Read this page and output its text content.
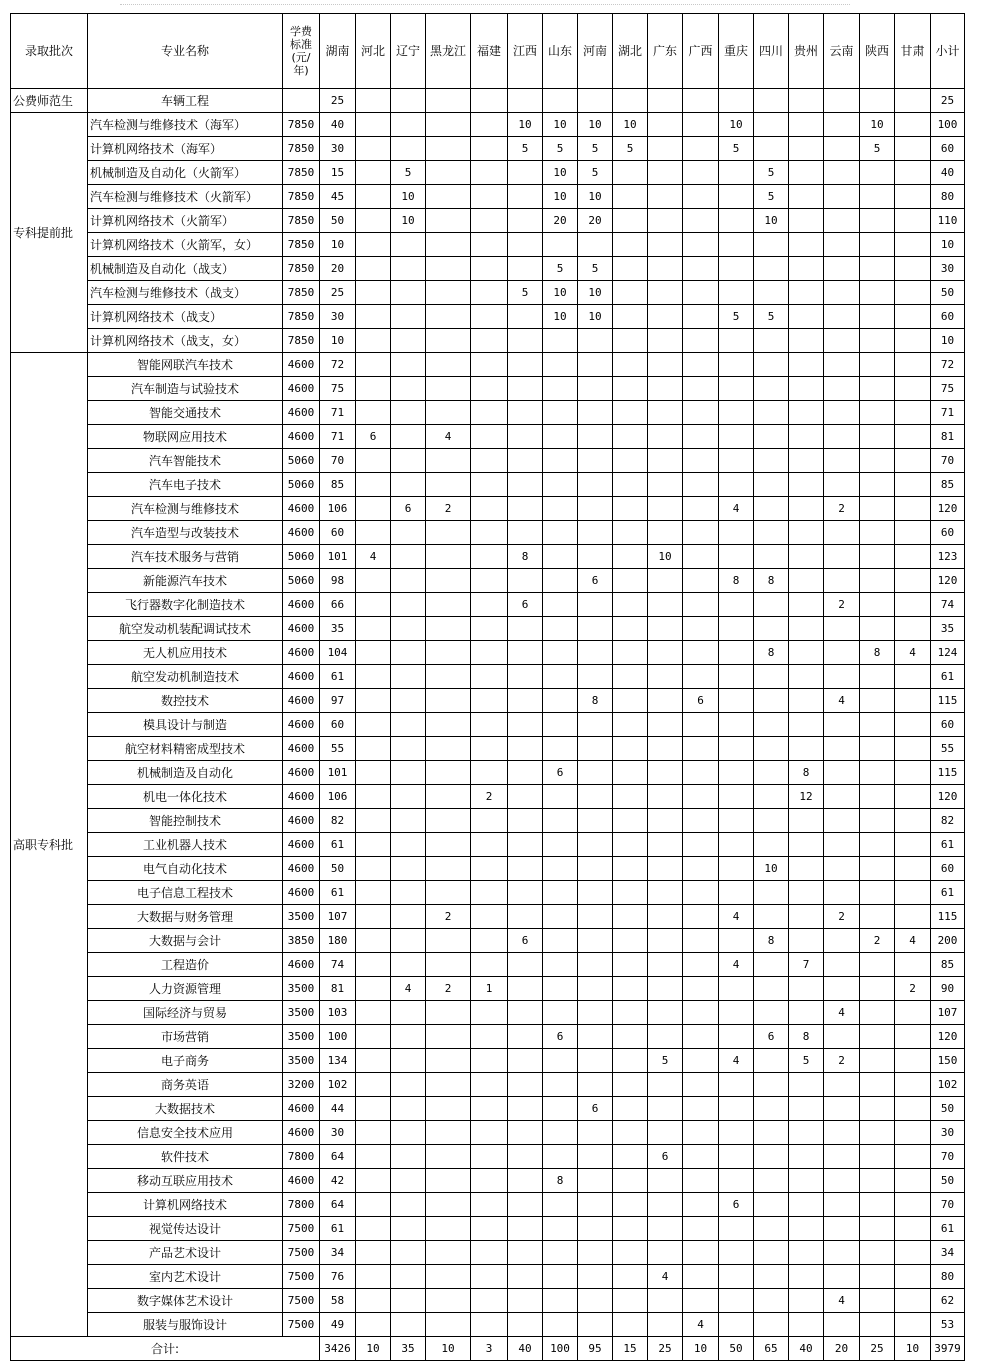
录取批次	专业名称	学费
标准
(元/
年)	湖南	河北	辽宁	黑龙江	福建	江西	山东	河南	湖北	广东	广西	重庆	四川	贵州	云南	陕西	甘肃	小计
公费师范生	车辆工程		25																	25
专科提前批	汽车检测与维修技术（海军）	7850	40					10	10	10	10			10				10		100
	计算机网络技术（海军）	7850	30					5	5	5	5			5				5		60
	机械制造及自动化（火箭军）	7850	15		5				10	5					5					40
	汽车检测与维修技术（火箭军）	7850	45		10				10	10					5					80
	计算机网络技术（火箭军）	7850	50		10				20	20					10					110
	计算机网络技术（火箭军，女）	7850	10																	10
	机械制造及自动化（战支）	7850	20						5	5										30
	汽车检测与维修技术（战支）	7850	25					5	10	10										50
	计算机网络技术（战支）	7850	30						10	10				5	5					60
	计算机网络技术（战支，女）	7850	10																	10
高职专科批	智能网联汽车技术	4600	72																	72
	汽车制造与试验技术	4600	75																	75
	智能交通技术	4600	71																	71
	物联网应用技术	4600	71	6		4														81
	汽车智能技术	5060	70																	70
	汽车电子技术	5060	85																	85
	汽车检测与维修技术	4600	106		6	2								4			2			120
	汽车造型与改装技术	4600	60																	60
	汽车技术服务与营销	5060	101	4				8				10								123
	新能源汽车技术	5060	98							6				8	8					120
	飞行器数字化制造技术	4600	66					6									2			74
	航空发动机装配调试技术	4600	35																	35
	无人机应用技术	4600	104												8			8	4	124
	航空发动机制造技术	4600	61																	61
	数控技术	4600	97							8			6				4			115
	模具设计与制造	4600	60																	60
	航空材料精密成型技术	4600	55																	55
	机械制造及自动化	4600	101						6							8				115
	机电一体化技术	4600	106				2									12				120
	智能控制技术	4600	82																	82
	工业机器人技术	4600	61																	61
	电气自动化技术	4600	50												10					60
	电子信息工程技术	4600	61																	61
	大数据与财务管理	3500	107			2								4			2			115
	大数据与会计	3850	180					6							8			2	4	200
	工程造价	4600	74											4		7				85
	人力资源管理	3500	81		4	2	1												2	90
	国际经济与贸易	3500	103														4			107
	市场营销	3500	100						6						6	8				120
	电子商务	3500	134									5		4		5	2			150
	商务英语	3200	102																	102
	大数据技术	4600	44							6										50
	信息安全技术应用	4600	30																	30
	软件技术	7800	64									6								70
	移动互联应用技术	4600	42						8											50
	计算机网络技术	7800	64											6						70
	视觉传达设计	7500	61																	61
	产品艺术设计	7500	34																	34
	室内艺术设计	7500	76									4								80
	数字媒体艺术设计	7500	58														4			62
	服装与服饰设计	7500	49										4							53
合计:			3426	10	35	10	3	40	100	95	15	25	10	50	65	40	20	25	10	3979
